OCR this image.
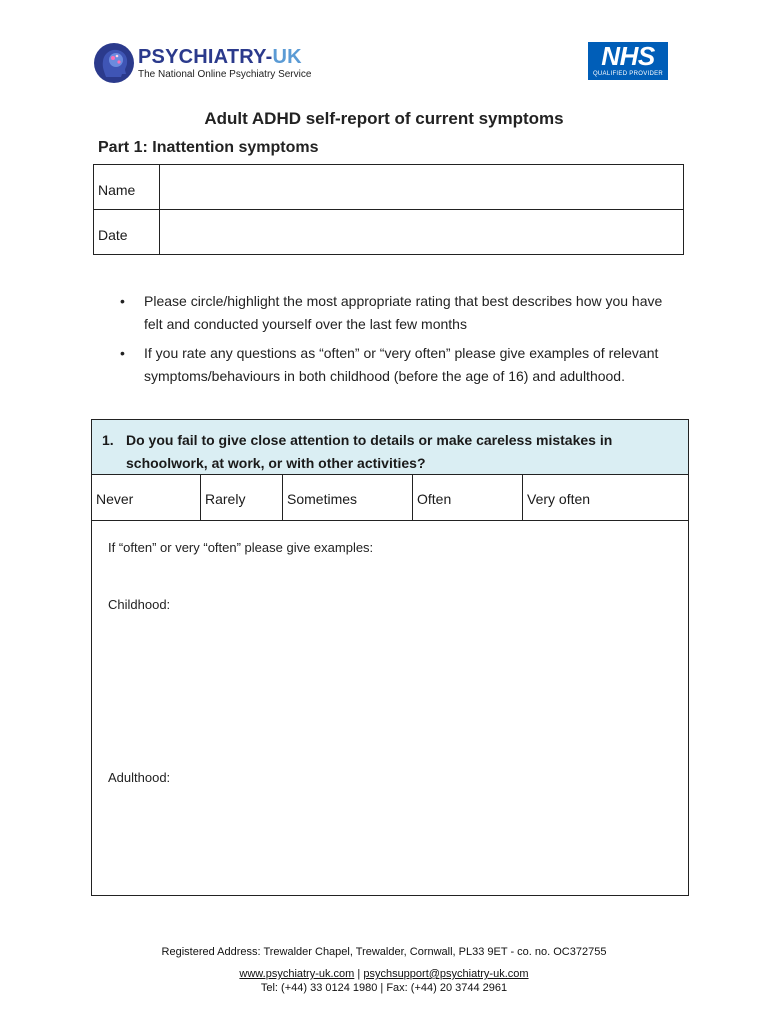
PSYCHIATRY-UK
The National Online Psychiatry Service
NHS
QUALIFIED PROVIDER
Adult ADHD self-report of current symptoms
Part 1: Inattention symptoms
Name	
Date	
• Please circle/highlight the most appropriate rating that best describes how you have felt and conducted yourself over the last few months
• If you rate any questions as “often” or “very often” please give examples of relevant symptoms/behaviours in both childhood (before the age of 16) and adulthood.
1. Do you fail to give close attention to details or make careless mistakes in schoolwork, at work, or with other activities?
Never	Rarely	Sometimes	Often	Very often
If “often” or very “often” please give examples:
Childhood:
Adulthood:
Registered Address: Trewalder Chapel, Trewalder, Cornwall, PL33 9ET - co. no. OC372755
www.psychiatry-uk.com | psychsupport@psychiatry-uk.com
Tel: (+44) 33 0124 1980 | Fax: (+44) 20 3744 2961
